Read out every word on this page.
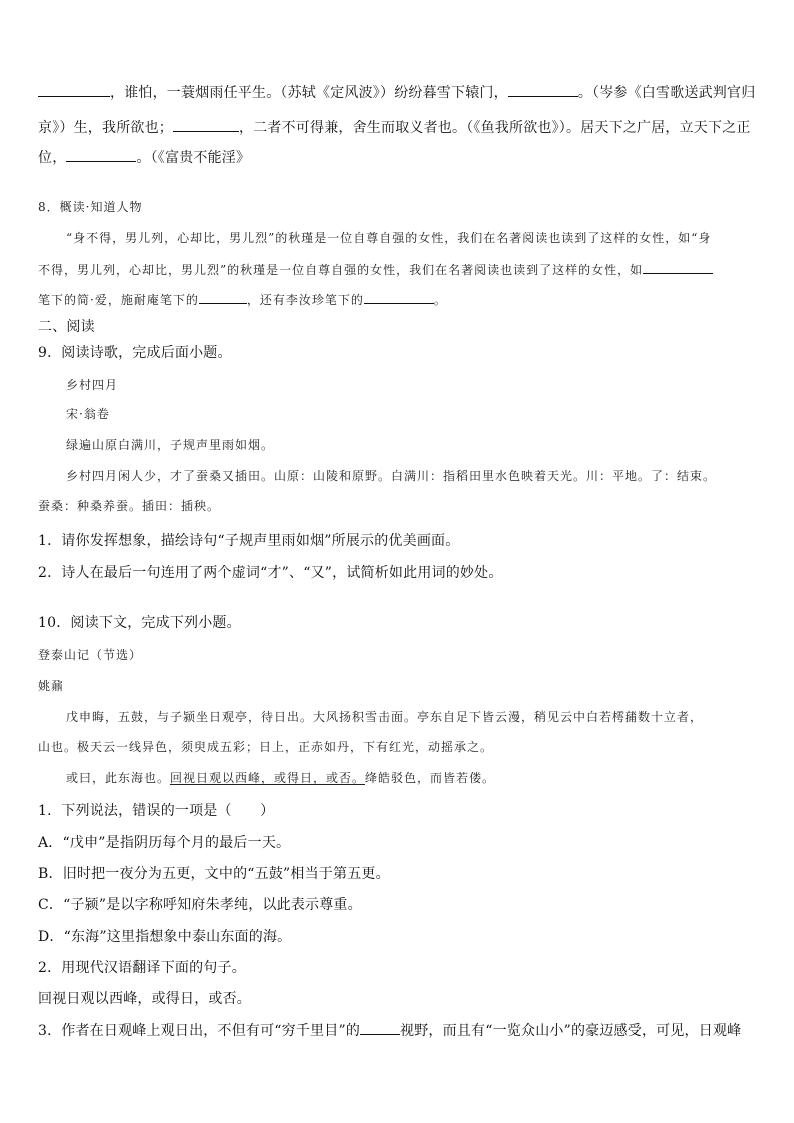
，谁怕，一蓑烟雨任平生。（苏轼《定风波》）纷纷暮雪下辕门，	。（岑参《白雪歌送武判官归
京》）生，我所欲也；	，二者不可得兼，舍生而取义者也。（《鱼我所欲也》）。居天下之广居，立天下之正
位，	。（《富贵不能淫》
8．概读·知道人物
“身不得，男儿列，心却比，男儿烈”的秋瑾是一位自尊自强的女性，我们在名著阅读也读到了这样的女性，如“身
不得，男儿列，心却比，男儿烈”的秋瑾是一位自尊自强的女性，我们在名著阅读也读到了这样的女性，如
笔下的简·爱，施耐庵笔下的	，还有李汝珍笔下的	。
二、阅读
9．阅读诗歌，完成后面小题。
乡村四月
宋·翁卷
绿遍山原白满川，子规声里雨如烟。
乡村四月闲人少，才了蚕桑又插田。山原：山陵和原野。白满川：指稻田里水色映着天光。川：平地。了：结束。
蚕桑：种桑养蚕。插田：插秧。
1．请你发挥想象，描绘诗句“子规声里雨如烟”所展示的优美画面。
2．诗人在最后一句连用了两个虚词“才”、“又”，试简析如此用词的妙处。
10．阅读下文，完成下列小题。
登泰山记（节选）
姚鼐
戊申晦，五鼓，与子颍坐日观亭，待日出。大风扬积雪击面。亭东自足下皆云漫，稍见云中白若樗蒱数十立者，
山也。极天云一线异色，须臾成五彩；日上，正赤如丹，下有红光，动摇承之。
或曰，此东海也。回视日观以西峰，或得日，或否。绛皓驳色，而皆若偻。
1．下列说法，错误的一项是（　　）
A．“戊申”是指阴历每个月的最后一天。
B．旧时把一夜分为五更，文中的“五鼓”相当于第五更。
C．“子颍”是以字称呼知府朱孝纯，以此表示尊重。
D．“东海”这里指想象中泰山东面的海。
2．用现代汉语翻译下面的句子。
回视日观以西峰，或得日，或否。
3．作者在日观峰上观日出，不但有可“穷千里目”的	视野，而且有“一览众山小”的豪迈感受，可见，日观峰
